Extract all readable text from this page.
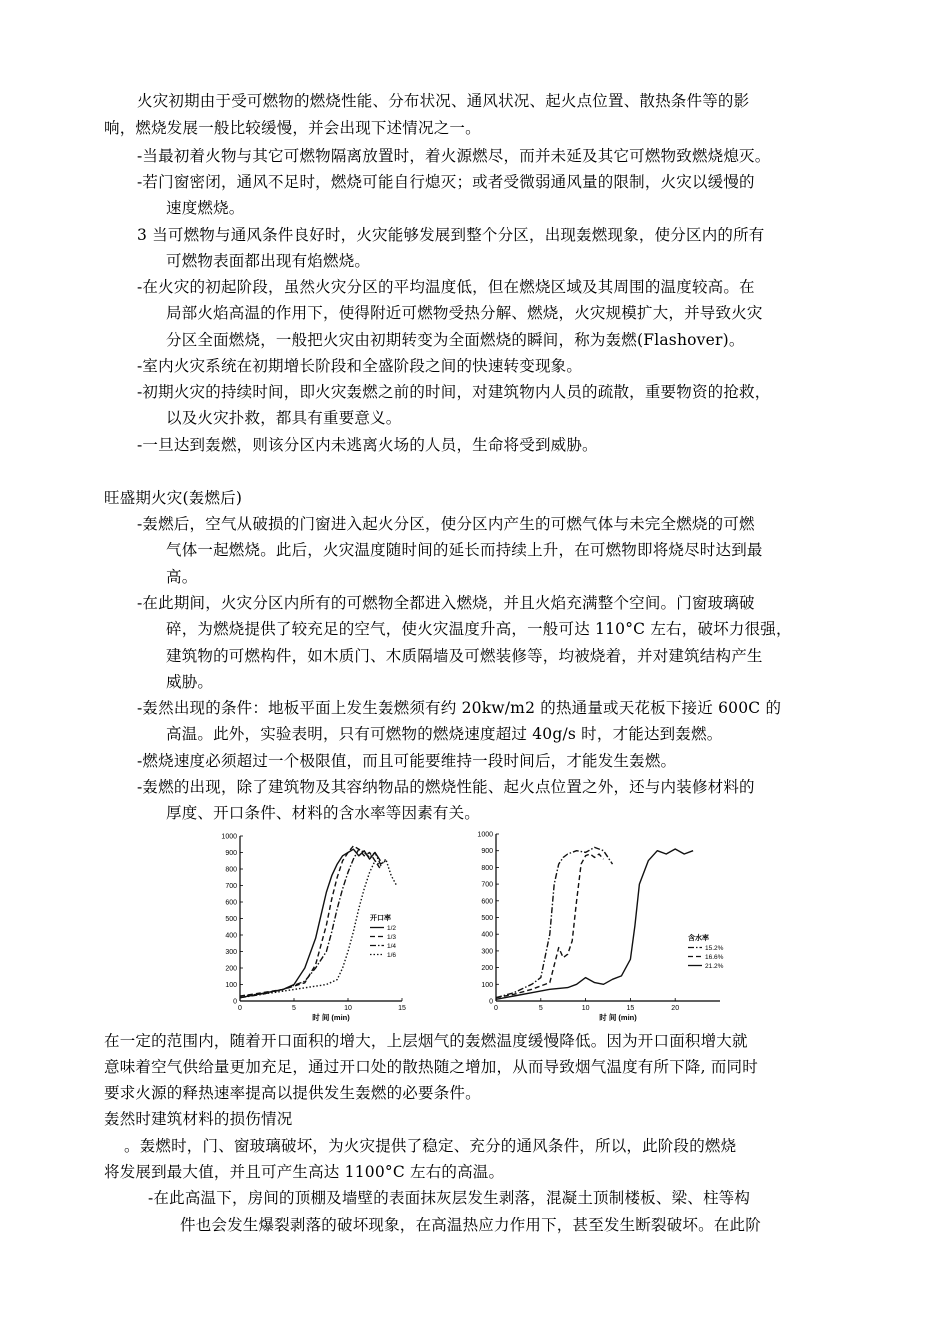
火灾初期由于受可燃物的燃烧性能、分布状况、通风状况、起火点位置、散热条件等的影
响，燃烧发展一般比较缓慢，并会出现下述情况之一。
-当最初着火物与其它可燃物隔离放置时，着火源燃尽，而并未延及其它可燃物致燃烧熄灭。
-若门窗密闭，通风不足时，燃烧可能自行熄灭；或者受微弱通风量的限制，火灾以缓慢的
速度燃烧。
3 当可燃物与通风条件良好时，火灾能够发展到整个分区，出现轰燃现象，使分区内的所有
可燃物表面都出现有焰燃烧。
-在火灾的初起阶段，虽然火灾分区的平均温度低，但在燃烧区域及其周围的温度较高。在
局部火焰高温的作用下，使得附近可燃物受热分解、燃烧，火灾规模扩大，并导致火灾
分区全面燃烧，一般把火灾由初期转变为全面燃烧的瞬间，称为轰燃(Flashover)。
-室内火灾系统在初期增长阶段和全盛阶段之间的快速转变现象。
-初期火灾的持续时间，即火灾轰燃之前的时间，对建筑物内人员的疏散，重要物资的抢救，
以及火灾扑救，都具有重要意义。
-一旦达到轰燃，则该分区内未逃离火场的人员，生命将受到威胁。
旺盛期火灾(轰燃后)
-轰燃后，空气从破损的门窗进入起火分区，使分区内产生的可燃气体与未完全燃烧的可燃
气体一起燃烧。此后，火灾温度随时间的延长而持续上升，在可燃物即将烧尽时达到最
高。
-在此期间，火灾分区内所有的可燃物全都进入燃烧，并且火焰充满整个空间。门窗玻璃破
碎，为燃烧提供了较充足的空气，使火灾温度升高，一般可达 110°C 左右，破坏力很强，
建筑物的可燃构件，如木质门、木质隔墙及可燃装修等，均被烧着，并对建筑结构产生
威胁。
-轰然出现的条件：地板平面上发生轰燃须有约 20kw/m2 的热通量或天花板下接近 600C 的
高温。此外，实验表明，只有可燃物的燃烧速度超过 40g/s 时，才能达到轰燃。
-燃烧速度必须超过一个极限值，而且可能要维持一段时间后，才能发生轰燃。
-轰燃的出现，除了建筑物及其容纳物品的燃烧性能、起火点位置之外，还与内装修材料的
厚度、开口条件、材料的含水率等因素有关。
0
100
200
300
400
500
600
700
800
900
1000
0	5	10	15
时 间 (min)
开口率
1/2
1/3
1/4
1/6
0
100
200
300
400
500
600
700
800
900
1000
0	5	10	15	20
时 间 (min)
含水率
15.2%
16.6%
21.2%
在一定的范围内，随着开口面积的增大，上层烟气的轰燃温度缓慢降低。因为开口面积增大就
意味着空气供给量更加充足，通过开口处的散热随之增加，从而导致烟气温度有所下降, 而同时
要求火源的释热速率提高以提供发生轰燃的必要条件。
轰然时建筑材料的损伤情况
。轰燃时，门、窗玻璃破坏，为火灾提供了稳定、充分的通风条件，所以，此阶段的燃烧
将发展到最大值，并且可产生高达 1100°C 左右的高温。
-在此高温下，房间的顶棚及墙壁的表面抹灰层发生剥落，混凝土顶制楼板、梁、柱等构
件也会发生爆裂剥落的破坏现象，在高温热应力作用下，甚至发生断裂破坏。在此阶
